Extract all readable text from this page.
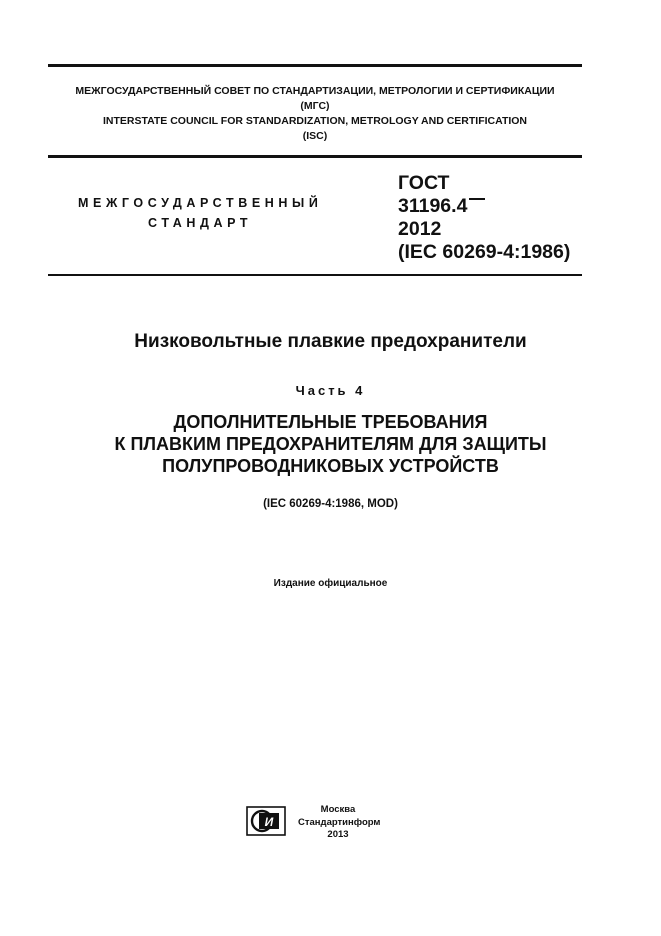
МЕЖГОСУДАРСТВЕННЫЙ СОВЕТ ПО СТАНДАРТИЗАЦИИ, МЕТРОЛОГИИ И СЕРТИФИКАЦИИ
(МГС)
INTERSTATE COUNCIL FOR STANDARDIZATION, METROLOGY AND CERTIFICATION
(ISC)
МЕЖГОСУДАРСТВЕННЫЙ
СТАНДАРТ
ГОСТ
31196.4
2012
(IEC 60269-4:1986)
Низковольтные плавкие предохранители
Часть 4
ДОПОЛНИТЕЛЬНЫЕ ТРЕБОВАНИЯ
К ПЛАВКИМ ПРЕДОХРАНИТЕЛЯМ ДЛЯ ЗАЩИТЫ
ПОЛУПРОВОДНИКОВЫХ УСТРОЙСТВ
(IEC 60269-4:1986, MOD)
Издание официальное
И
Москва
Стандартинформ
2013
